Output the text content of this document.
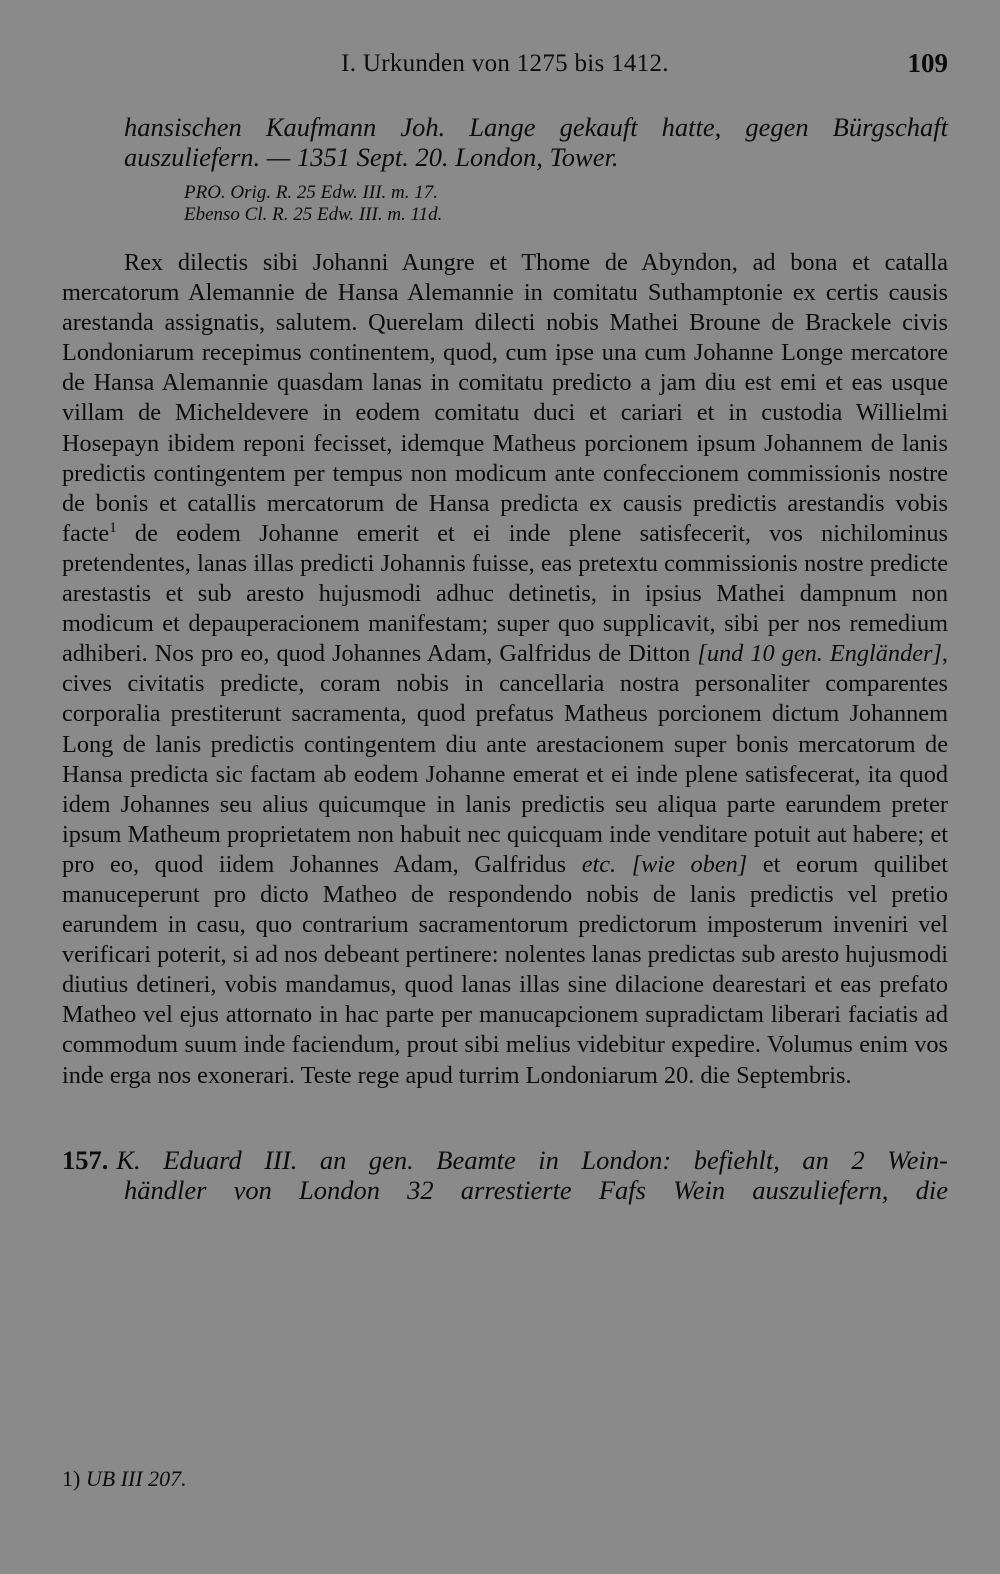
I. Urkunden von 1275 bis 1412.	109
hansischen Kaufmann Joh. Lange gekauft hatte, gegen Bürgschaft auszuliefern. — 1351 Sept. 20. London, Tower.
PRO. Orig. R. 25 Edw. III. m. 17.
Ebenso Cl. R. 25 Edw. III. m. 11d.

Rex dilectis sibi Johanni Aungre et Thome de Abyndon, ad bona et catalla mercatorum Alemannie de Hansa Alemannie in comitatu Suthamptonie ex certis causis arestanda assignatis, salutem. Querelam dilecti nobis Mathei Broune de Brackele civis Londoniarum recepimus continentem, quod, cum ipse una cum Johanne Longe mercatore de Hansa Alemannie quasdam lanas in comitatu predicto a jam diu est emi et eas usque villam de Micheldevere in eodem comitatu duci et cariari et in custodia Willielmi Hosepayn ibidem reponi fecisset, idemque Matheus porcionem ipsum Johannem de lanis predictis contingentem per tempus non modicum ante confeccionem commissionis nostre de bonis et catallis mercatorum de Hansa predicta ex causis predictis arestandis vobis facte$^1$ de eodem Johanne emerit et ei inde plene satisfecerit, vos nichilominus pretendentes, lanas illas predicti Johannis fuisse, eas pretextu commissionis nostre predicte arestastis et sub aresto hujusmodi adhuc detinetis, in ipsius Mathei dampnum non modicum et depauperacionem manifestam; super quo supplicavit, sibi per nos remedium adhiberi. Nos pro eo, quod Johannes Adam, Galfridus de Ditton [und 10 gen. Engländer], cives civitatis predicte, coram nobis in cancellaria nostra personaliter comparentes corporalia prestiterunt sacramenta, quod prefatus Matheus porcionem dictum Johannem Long de lanis predictis contingentem diu ante arestacionem super bonis mercatorum de Hansa predicta sic factam ab eodem Johanne emerat et ei inde plene satisfecerat, ita quod idem Johannes seu alius quicumque in lanis predictis seu aliqua parte earundem preter ipsum Matheum proprietatem non habuit nec quicquam inde venditare potuit aut habere; et pro eo, quod iidem Johannes Adam, Galfridus etc. [wie oben] et eorum quilibet manuceperunt pro dicto Matheo de respondendo nobis de lanis predictis vel pretio earundem in casu, quo contrarium sacramentorum predictorum imposterum inveniri vel verificari poterit, si ad nos debeant pertinere: nolentes lanas predictas sub aresto hujusmodi diutius detineri, vobis mandamus, quod lanas illas sine dilacione dearestari et eas prefato Matheo vel ejus attornato in hac parte per manucapcionem supradictam liberari faciatis ad commodum suum inde faciendum, prout sibi melius videbitur expedire. Volumus enim vos inde erga nos exonerari. Teste rege apud turrim Londoniarum 20. die Septembris.

157. K. Eduard III. an gen. Beamte in London: befiehlt, an 2 Wein-
händler von London 32 arrestierte Fafs Wein auszuliefern, die
1) UB III 207.
